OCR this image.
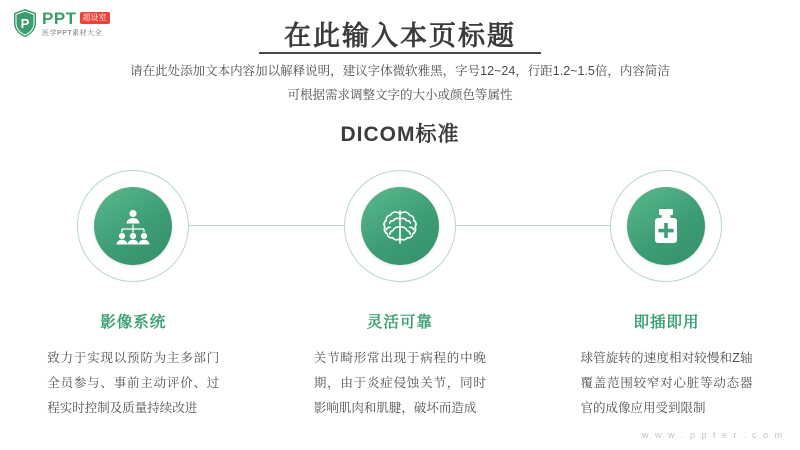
P PPT 超设室
医学PPT素材大全	在此输入本页标题
请在此处添加文本内容加以解释说明，建议字体微软雅黑，字号12~24，行距1.2~1.5倍，内容简洁
可根据需求调整文字的大小或颜色等属性
DICOM标准
影像系统
致力于实现以预防为主多部门全员参与、事前主动评价、过程实时控制及质量持续改进
灵活可靠
关节畸形常出现于病程的中晚期，由于炎症侵蚀关节，同时影响肌肉和肌腱，破坏而造成
即插即用
球管旋转的速度相对较慢和Z轴覆盖范围较窄对心脏等动态器官的成像应用受到限制
w w w . p p t e r . c o m
